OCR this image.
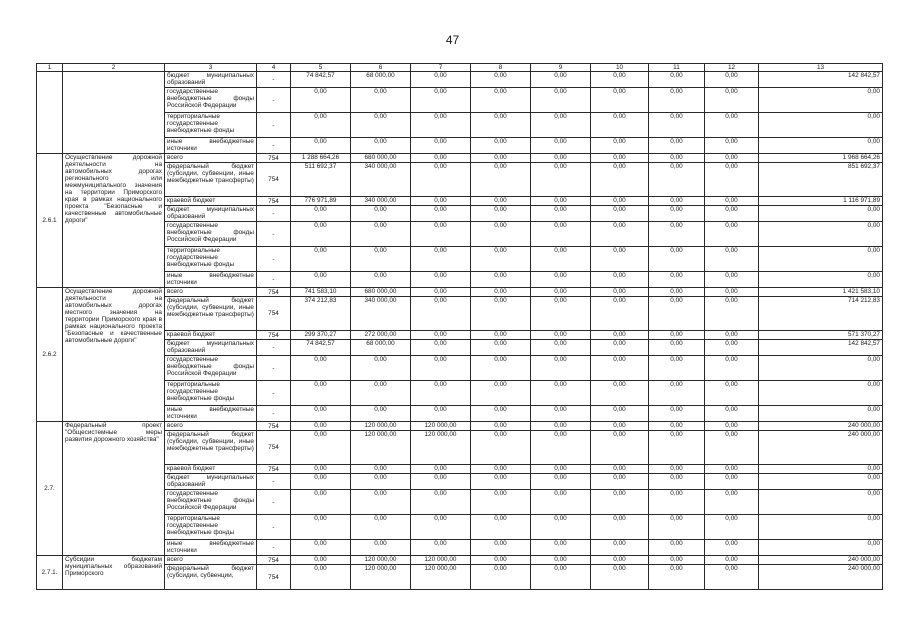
47
1	2	3	4	5	6	7	8	9	10	11	12	13
		бюджет муниципальных образований	-	74 842,57	68 000,00	0,00	0,00	0,00	0,00	0,00	0,00	142 842,57
		государственные внебюджетные фонды Российской Федерации	-	0,00	0,00	0,00	0,00	0,00	0,00	0,00	0,00	0,00
		территориальные государственные внебюджетные фонды	-	0,00	0,00	0,00	0,00	0,00	0,00	0,00	0,00	0,00
		иные внебюджетные источники	-	0,00	0,00	0,00	0,00	0,00	0,00	0,00	0,00	0,00
2.6.1	Осуществление дорожной деятельности на автомобильных дорогах регионального или межмуниципального значения на территории Приморского края в рамках национального проекта "Безопасные и качественные автомобильные дороги"	всего	754	1 288 664,26	680 000,00	0,00	0,00	0,00	0,00	0,00	0,00	1 968 664,26
		федеральный бюджет (субсидии, субвенции, иные межбюджетные трансферты)	754	511 692,37	340 000,00	0,00	0,00	0,00	0,00	0,00	0,00	851 692,37
		краевой бюджет	754	776 971,89	340 000,00	0,00	0,00	0,00	0,00	0,00	0,00	1 116 971,89
		бюджет муниципальных образований	-	0,00	0,00	0,00	0,00	0,00	0,00	0,00	0,00	0,00
		государственные внебюджетные фонды Российской Федерации	-	0,00	0,00	0,00	0,00	0,00	0,00	0,00	0,00	0,00
		территориальные государственные внебюджетные фонды	-	0,00	0,00	0,00	0,00	0,00	0,00	0,00	0,00	0,00
		иные внебюджетные источники	-	0,00	0,00	0,00	0,00	0,00	0,00	0,00	0,00	0,00
2.6.2	Осуществление дорожной деятельности на автомобильных дорогах местного значения на территории Приморского края в рамках национального проекта "Безопасные и качественные автомобильные дороги"	всего	754	741 583,10	680 000,00	0,00	0,00	0,00	0,00	0,00	0,00	1 421 583,10
		федеральный бюджет (субсидии, субвенции, иные межбюджетные трансферты)	754	374 212,83	340 000,00	0,00	0,00	0,00	0,00	0,00	0,00	714 212,83
		краевой бюджет	754	299 370,27	272 000,00	0,00	0,00	0,00	0,00	0,00	0,00	571 370,27
		бюджет муниципальных образований	-	74 842,57	68 000,00	0,00	0,00	0,00	0,00	0,00	0,00	142 842,57
		государственные внебюджетные фонды Российской Федерации	-	0,00	0,00	0,00	0,00	0,00	0,00	0,00	0,00	0,00
		территориальные государственные внебюджетные фонды	-	0,00	0,00	0,00	0,00	0,00	0,00	0,00	0,00	0,00
		иные внебюджетные источники	-	0,00	0,00	0,00	0,00	0,00	0,00	0,00	0,00	0,00
2.7.	Федеральный проект "Общесистемные меры развития дорожного хозяйства"	всего	754	0,00	120 000,00	120 000,00	0,00	0,00	0,00	0,00	0,00	240 000,00
		федеральный бюджет (субсидии, субвенции, иные межбюджетные трансферты)	754	0,00	120 000,00	120 000,00	0,00	0,00	0,00	0,00	0,00	240 000,00
		краевой бюджет	754	0,00	0,00	0,00	0,00	0,00	0,00	0,00	0,00	0,00
		бюджет муниципальных образований	-	0,00	0,00	0,00	0,00	0,00	0,00	0,00	0,00	0,00
		государственные внебюджетные фонды Российской Федерации	-	0,00	0,00	0,00	0,00	0,00	0,00	0,00	0,00	0,00
		территориальные государственные внебюджетные фонды	-	0,00	0,00	0,00	0,00	0,00	0,00	0,00	0,00	0,00
		иные внебюджетные источники	-	0,00	0,00	0,00	0,00	0,00	0,00	0,00	0,00	0,00
2.7.1.	Субсидии бюджетам муниципальных образований Приморского	всего	754	0,00	120 000,00	120 000,00	0,00	0,00	0,00	0,00	0,00	240 000,00
		федеральный бюджет (субсидии, субвенции,	754	0,00	120 000,00	120 000,00	0,00	0,00	0,00	0,00	0,00	240 000,00
